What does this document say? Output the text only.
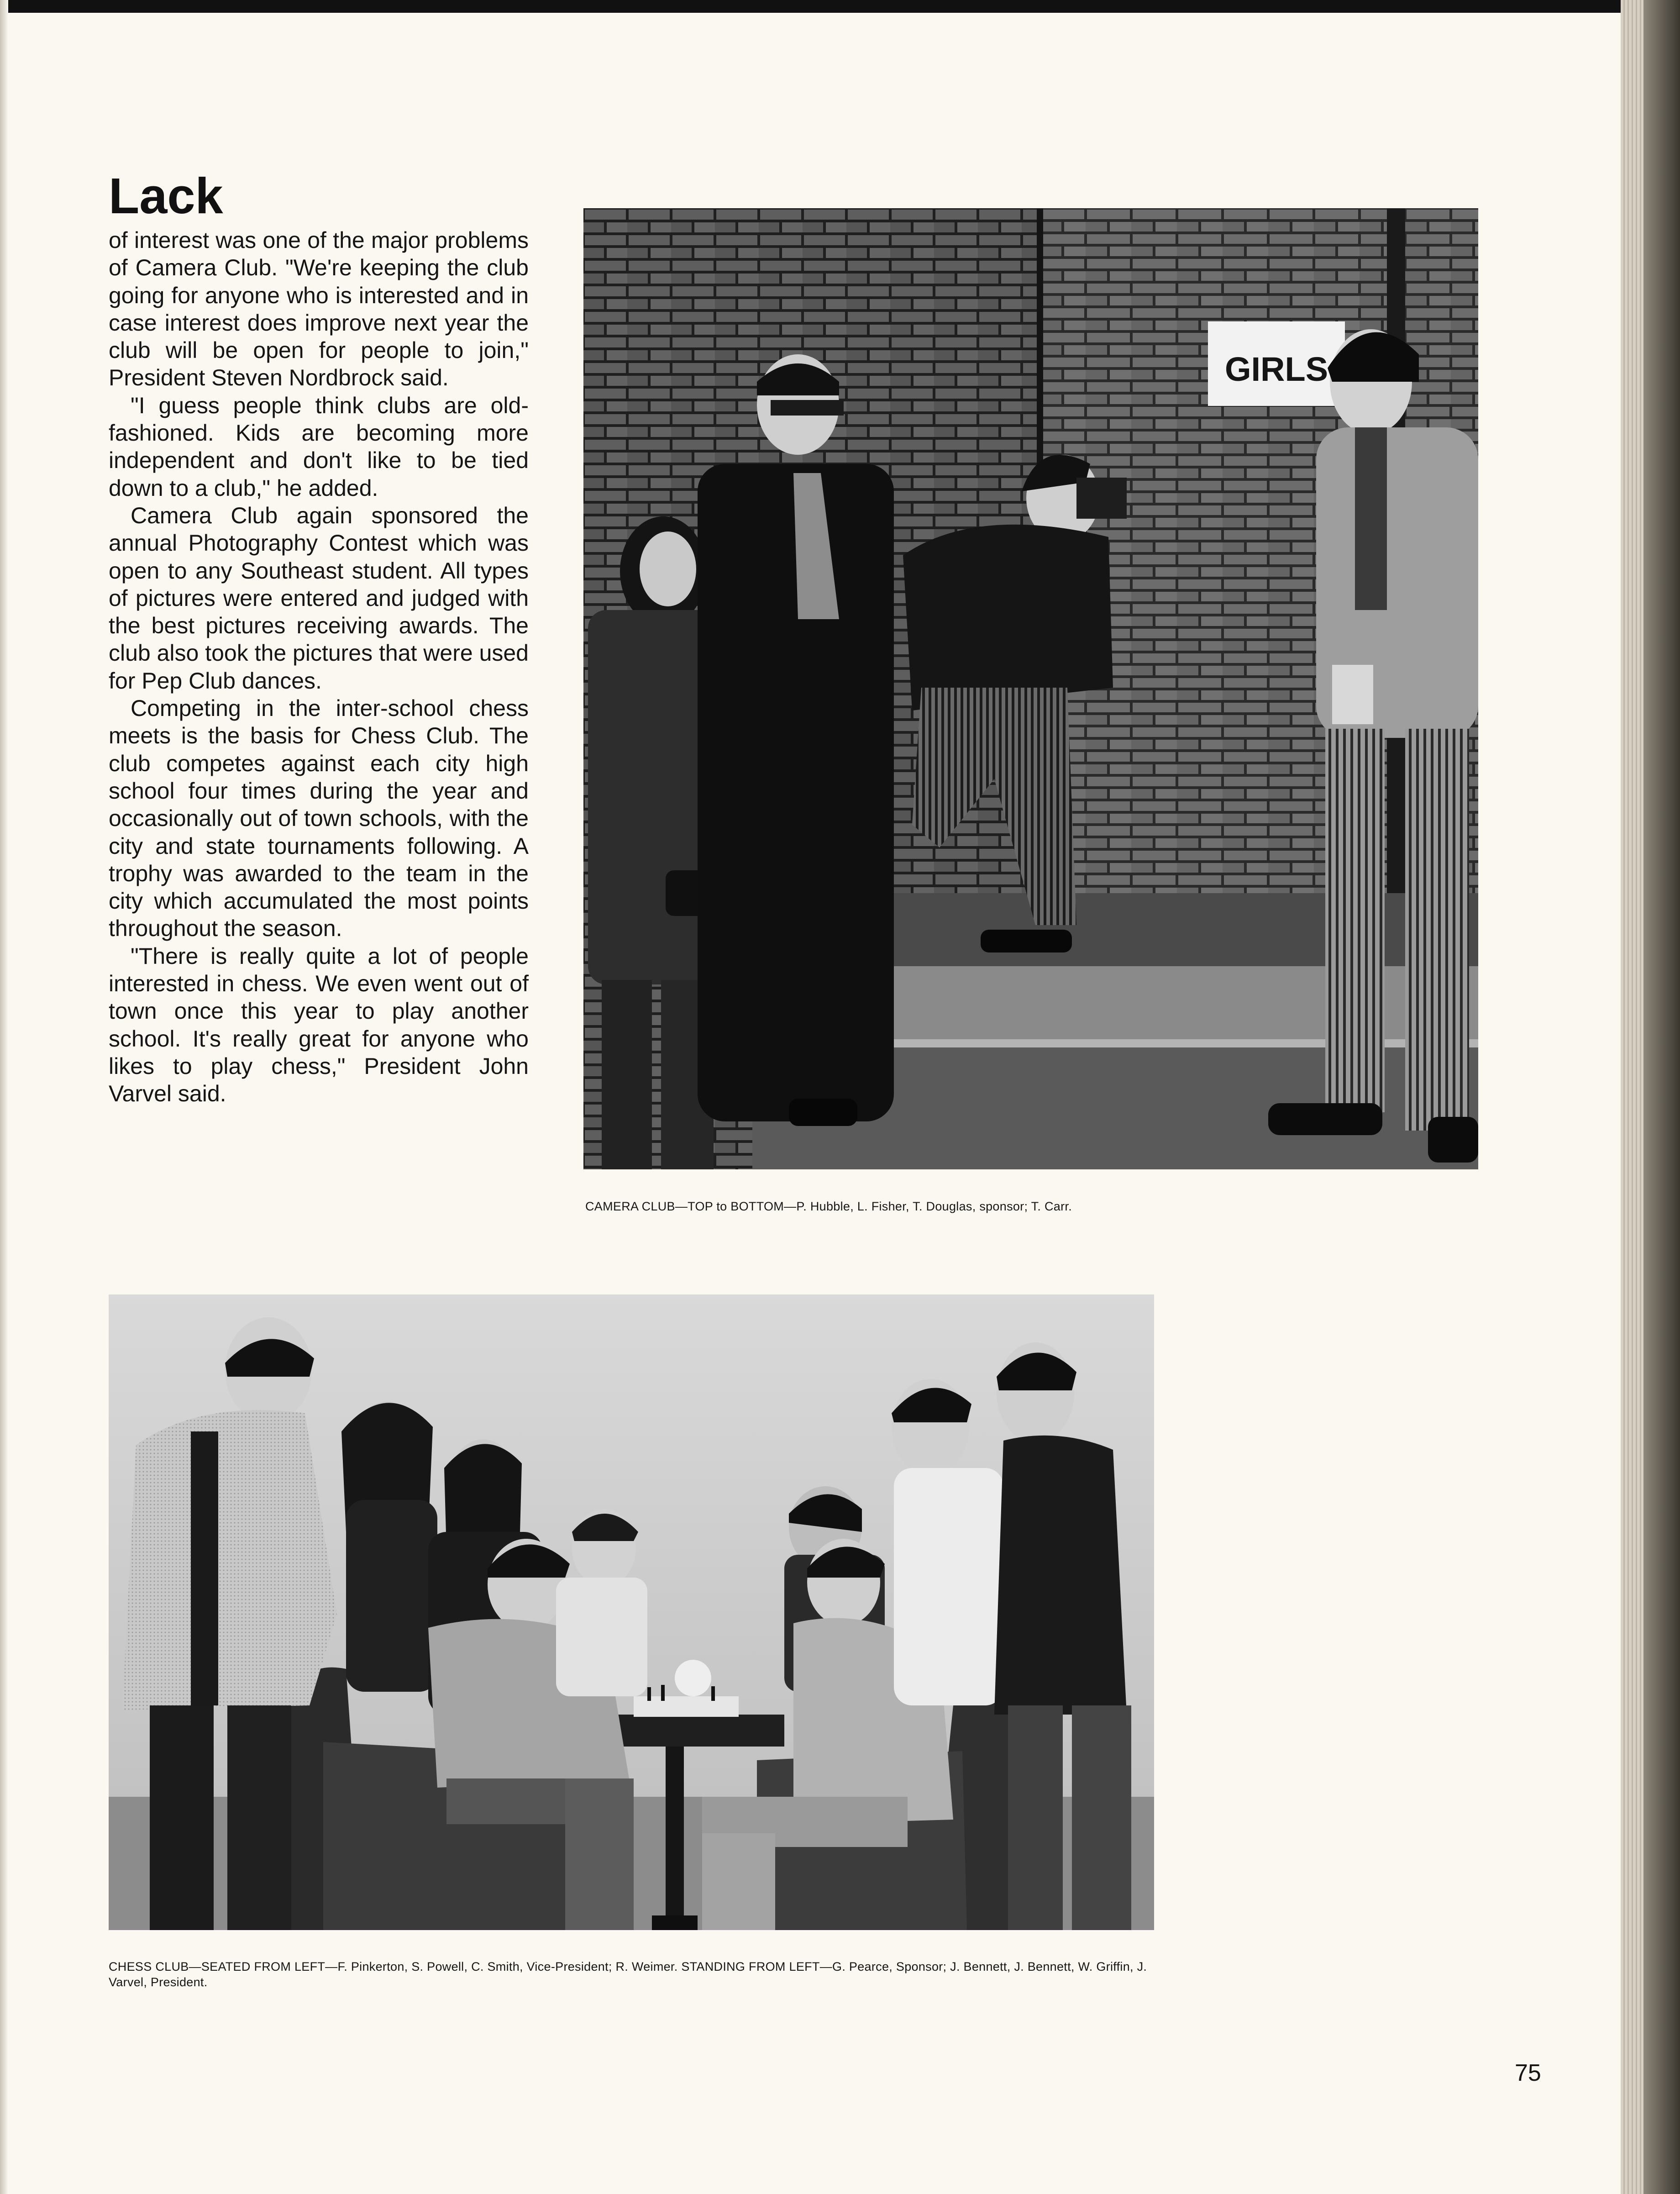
Lack

of interest was one of the major problems of Camera Club. "We're keeping the club going for anyone who is interested and in case interest does improve next year the club will be open for people to join," President Steven Nordbrock said.

"I guess people think clubs are old-fashioned. Kids are becoming more independent and don't like to be tied down to a club," he added.

Camera Club again sponsored the annual Photography Contest which was open to any Southeast student. All types of pictures were entered and judged with the best pictures receiving awards. The club also took the pictures that were used for Pep Club dances.

Competing in the inter-school chess meets is the basis for Chess Club. The club competes against each city high school four times during the year and occasionally out of town schools, with the city and state tournaments following. A trophy was awarded to the team in the city which accumulated the most points throughout the season.

"There is really quite a lot of people interested in chess. We even went out of town once this year to play another school. It's really great for anyone who likes to play chess," President John Varvel said.

GIRLS

CAMERA CLUB—TOP to BOTTOM—P. Hubble, L. Fisher, T. Douglas, sponsor; T. Carr.

CHESS CLUB—SEATED FROM LEFT—F. Pinkerton, S. Powell, C. Smith, Vice-President; R. Weimer. STANDING FROM LEFT—G. Pearce, Sponsor; J. Bennett, J. Bennett, W. Griffin, J. Varvel, President.

75
